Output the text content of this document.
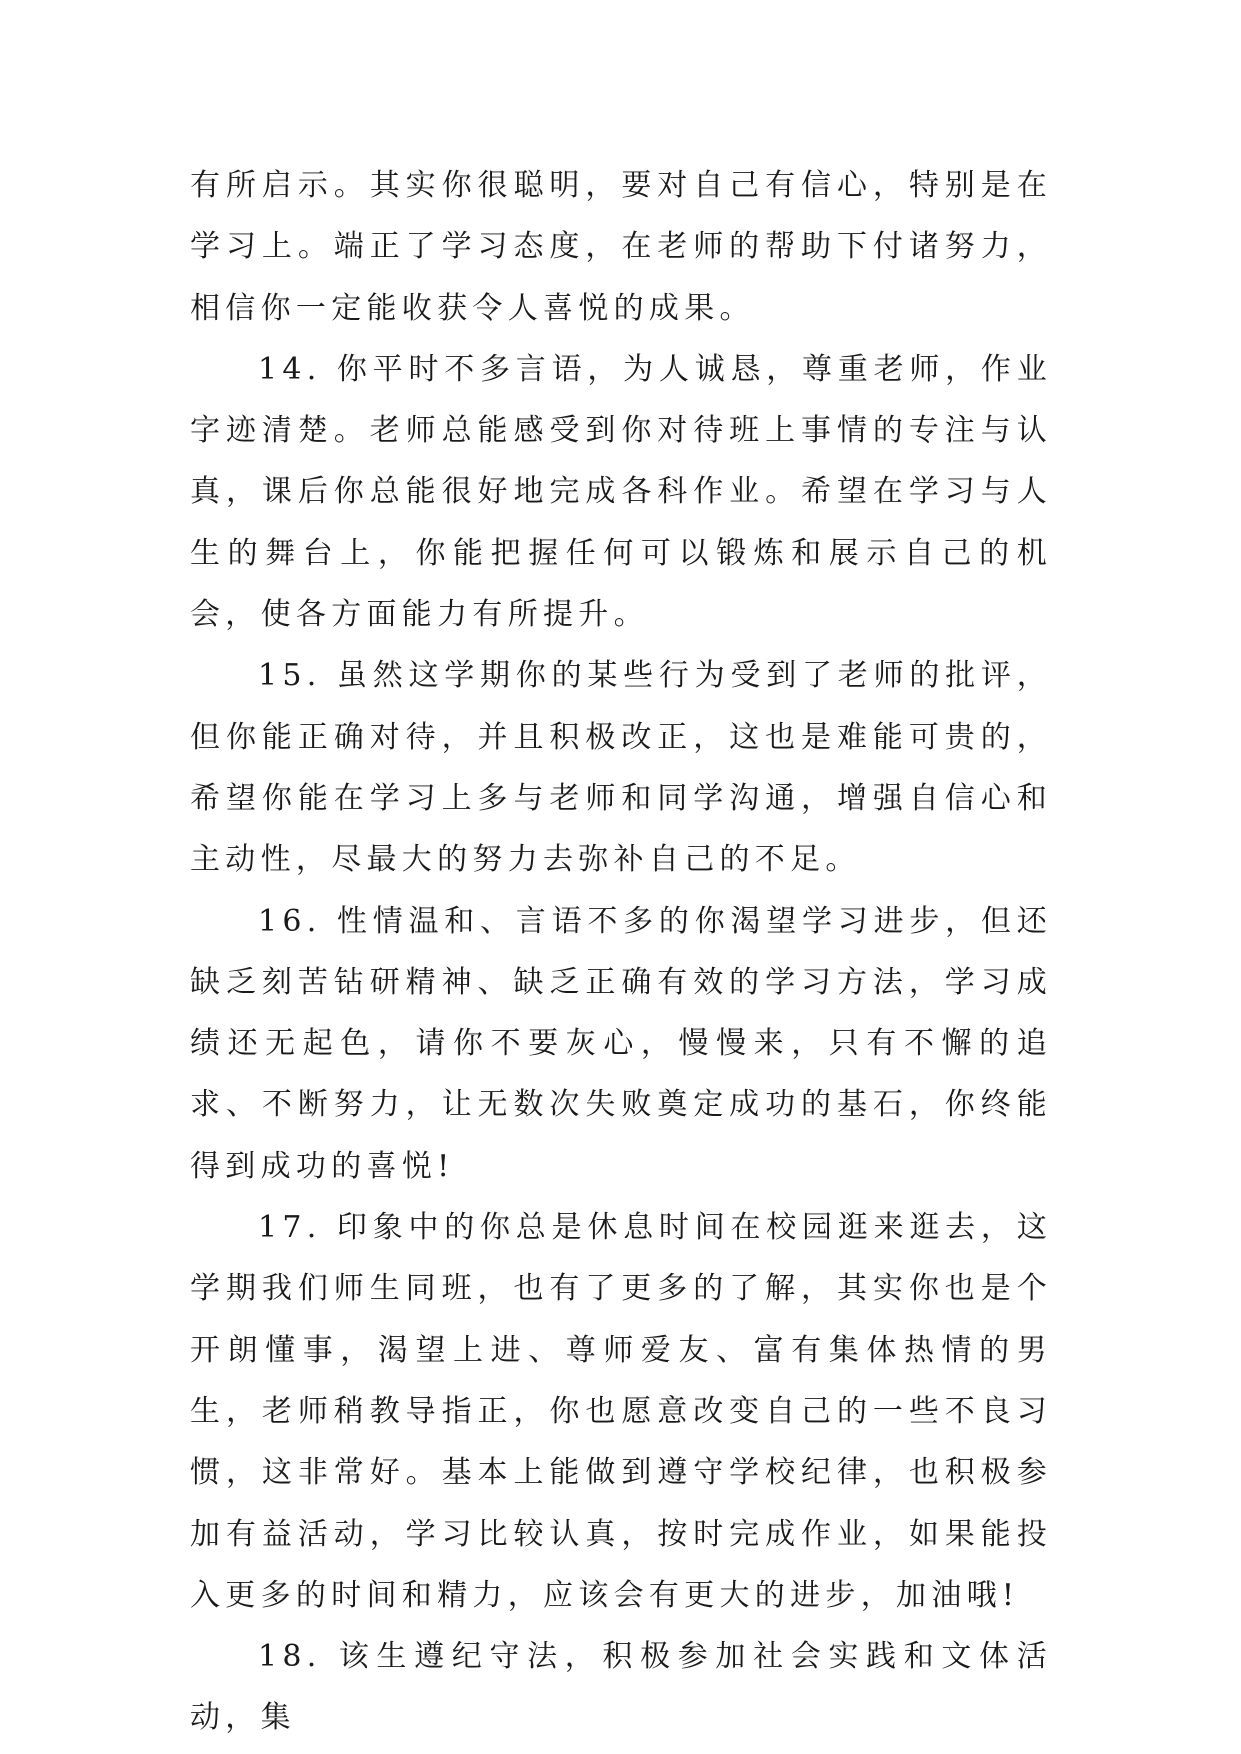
有所启示。其实你很聪明，要对自己有信心，特别是在学习上。端正了学习态度，在老师的帮助下付诸努力，相信你一定能收获令人喜悦的成果。

14. 你平时不多言语，为人诚恳，尊重老师，作业字迹清楚。老师总能感受到你对待班上事情的专注与认真，课后你总能很好地完成各科作业。希望在学习与人生的舞台上，你能把握任何可以锻炼和展示自己的机会，使各方面能力有所提升。

15. 虽然这学期你的某些行为受到了老师的批评，但你能正确对待，并且积极改正，这也是难能可贵的，希望你能在学习上多与老师和同学沟通，增强自信心和主动性，尽最大的努力去弥补自己的不足。

16. 性情温和、言语不多的你渴望学习进步，但还缺乏刻苦钻研精神、缺乏正确有效的学习方法，学习成绩还无起色，请你不要灰心，慢慢来，只有不懈的追求、不断努力，让无数次失败奠定成功的基石，你终能得到成功的喜悦!

17. 印象中的你总是休息时间在校园逛来逛去，这学期我们师生同班，也有了更多的了解，其实你也是个开朗懂事，渴望上进、尊师爱友、富有集体热情的男生，老师稍教导指正，你也愿意改变自己的一些不良习惯，这非常好。基本上能做到遵守学校纪律，也积极参加有益活动，学习比较认真，按时完成作业，如果能投入更多的时间和精力，应该会有更大的进步，加油哦!

18. 该生遵纪守法，积极参加社会实践和文体活动，集
